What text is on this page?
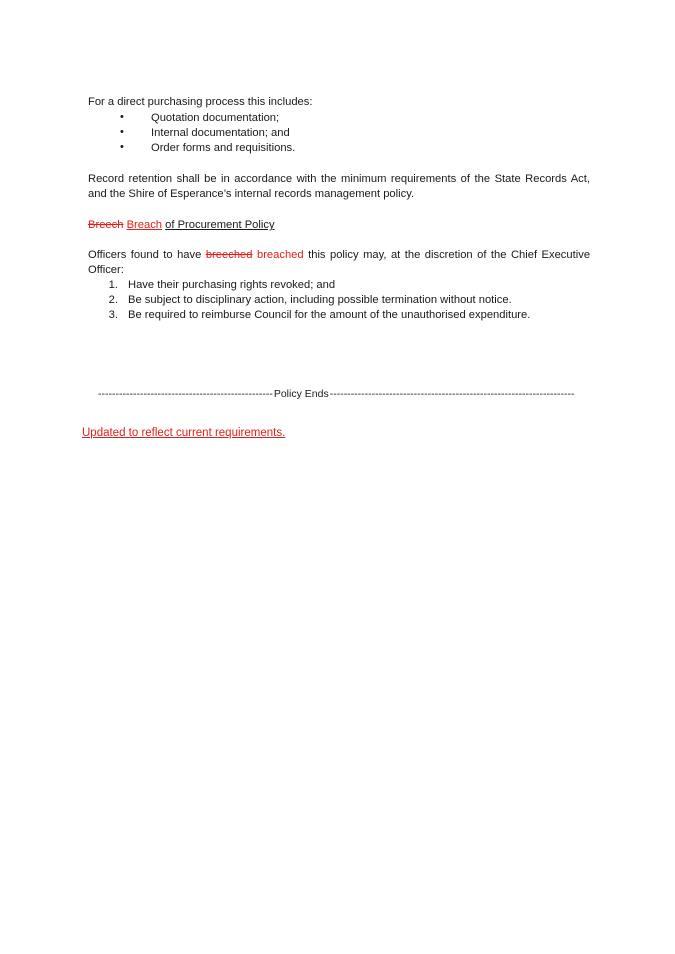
For a direct purchasing process this includes:
• Quotation documentation;
• Internal documentation; and
• Order forms and requisitions.
Record retention shall be in accordance with the minimum requirements of the State Records Act, and the Shire of Esperance’s internal records management policy.
Breech Breach of Procurement Policy
Officers found to have breeched breached this policy may, at the discretion of the Chief Executive Officer:
1. Have their purchasing rights revoked; and
2. Be subject to disciplinary action, including possible termination without notice.
3. Be required to reimburse Council for the amount of the unauthorised expenditure.
--------------------------------------------------Policy Ends----------------------------------------------------------------------
Updated to reflect current requirements.
